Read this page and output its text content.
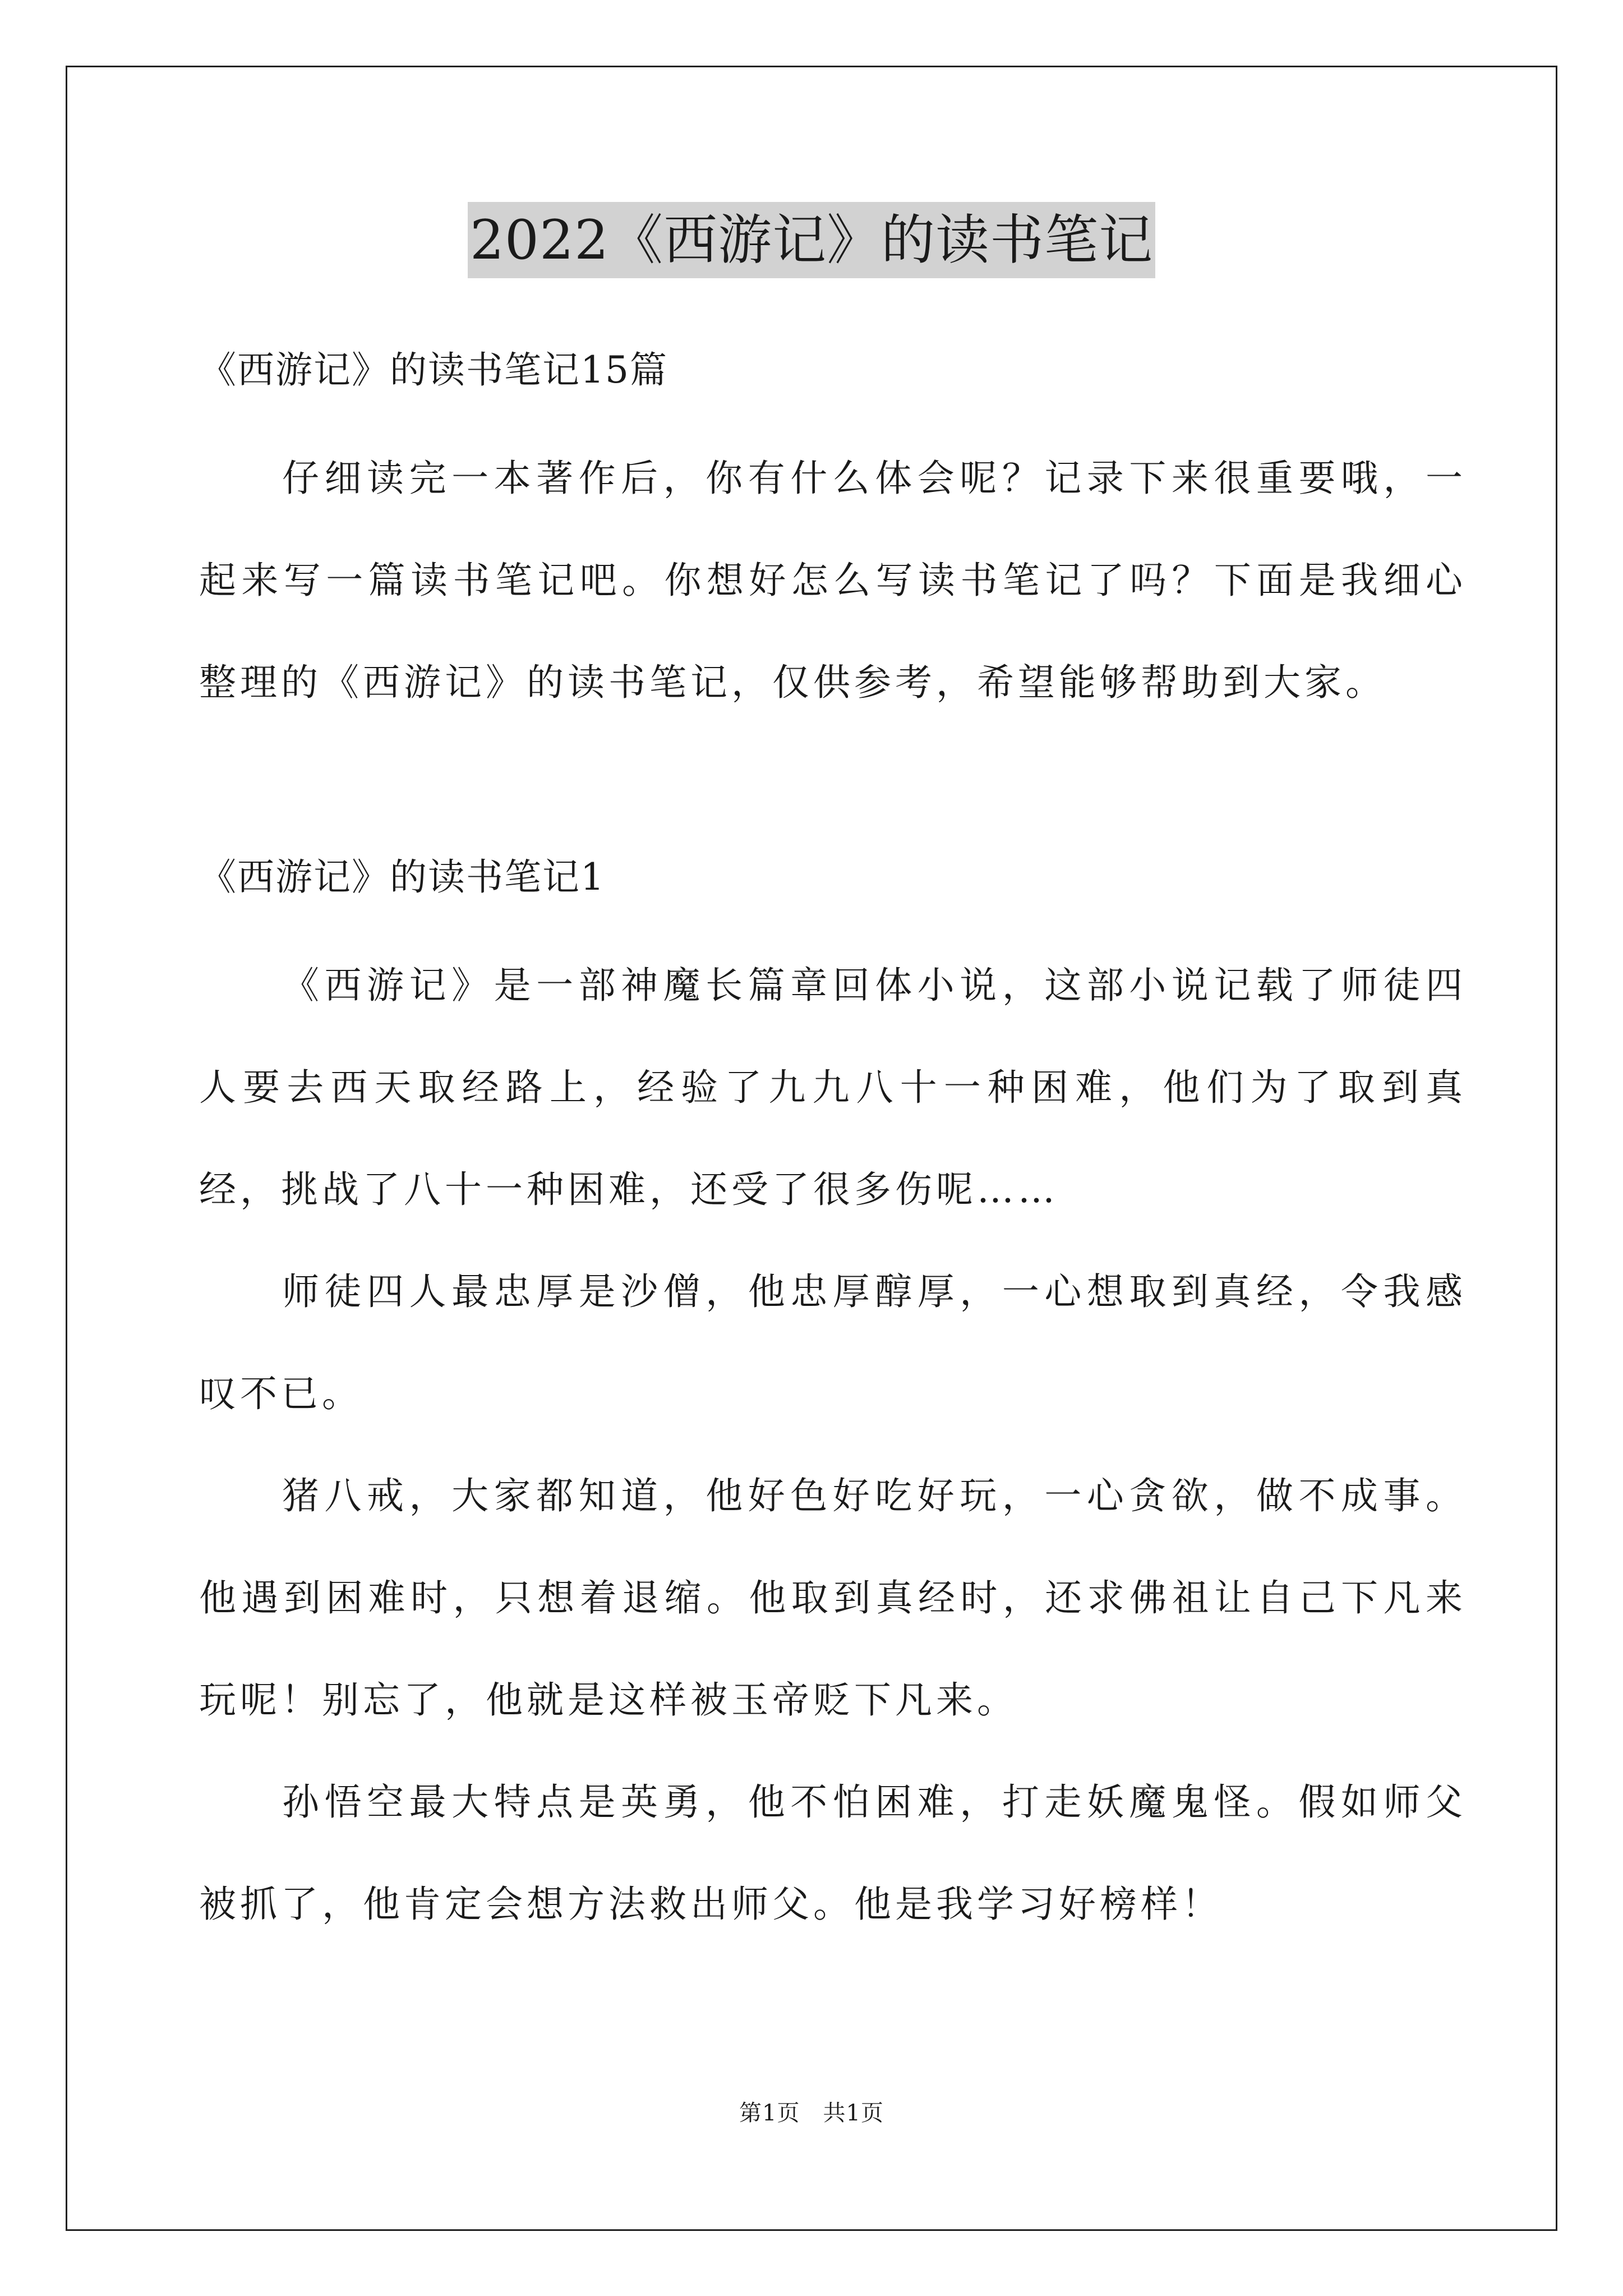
2022《西游记》的读书笔记
《西游记》的读书笔记15篇

仔细读完一本著作后，你有什么体会呢？记录下来很重要哦，一起来写一篇读书笔记吧。你想好怎么写读书笔记了吗？下面是我细心整理的《西游记》的读书笔记，仅供参考，希望能够帮助到大家。

《西游记》的读书笔记1

《西游记》是一部神魔长篇章回体小说，这部小说记载了师徒四人要去西天取经路上，经验了九九八十一种困难，他们为了取到真经，挑战了八十一种困难，还受了很多伤呢……

师徒四人最忠厚是沙僧，他忠厚醇厚，一心想取到真经，令我感叹不已。

猪八戒，大家都知道，他好色好吃好玩，一心贪欲，做不成事。他遇到困难时，只想着退缩。他取到真经时，还求佛祖让自己下凡来玩呢！别忘了，他就是这样被玉帝贬下凡来。

孙悟空最大特点是英勇，他不怕困难，打走妖魔鬼怪。假如师父被抓了，他肯定会想方法救出师父。他是我学习好榜样！

第1页　共1页
